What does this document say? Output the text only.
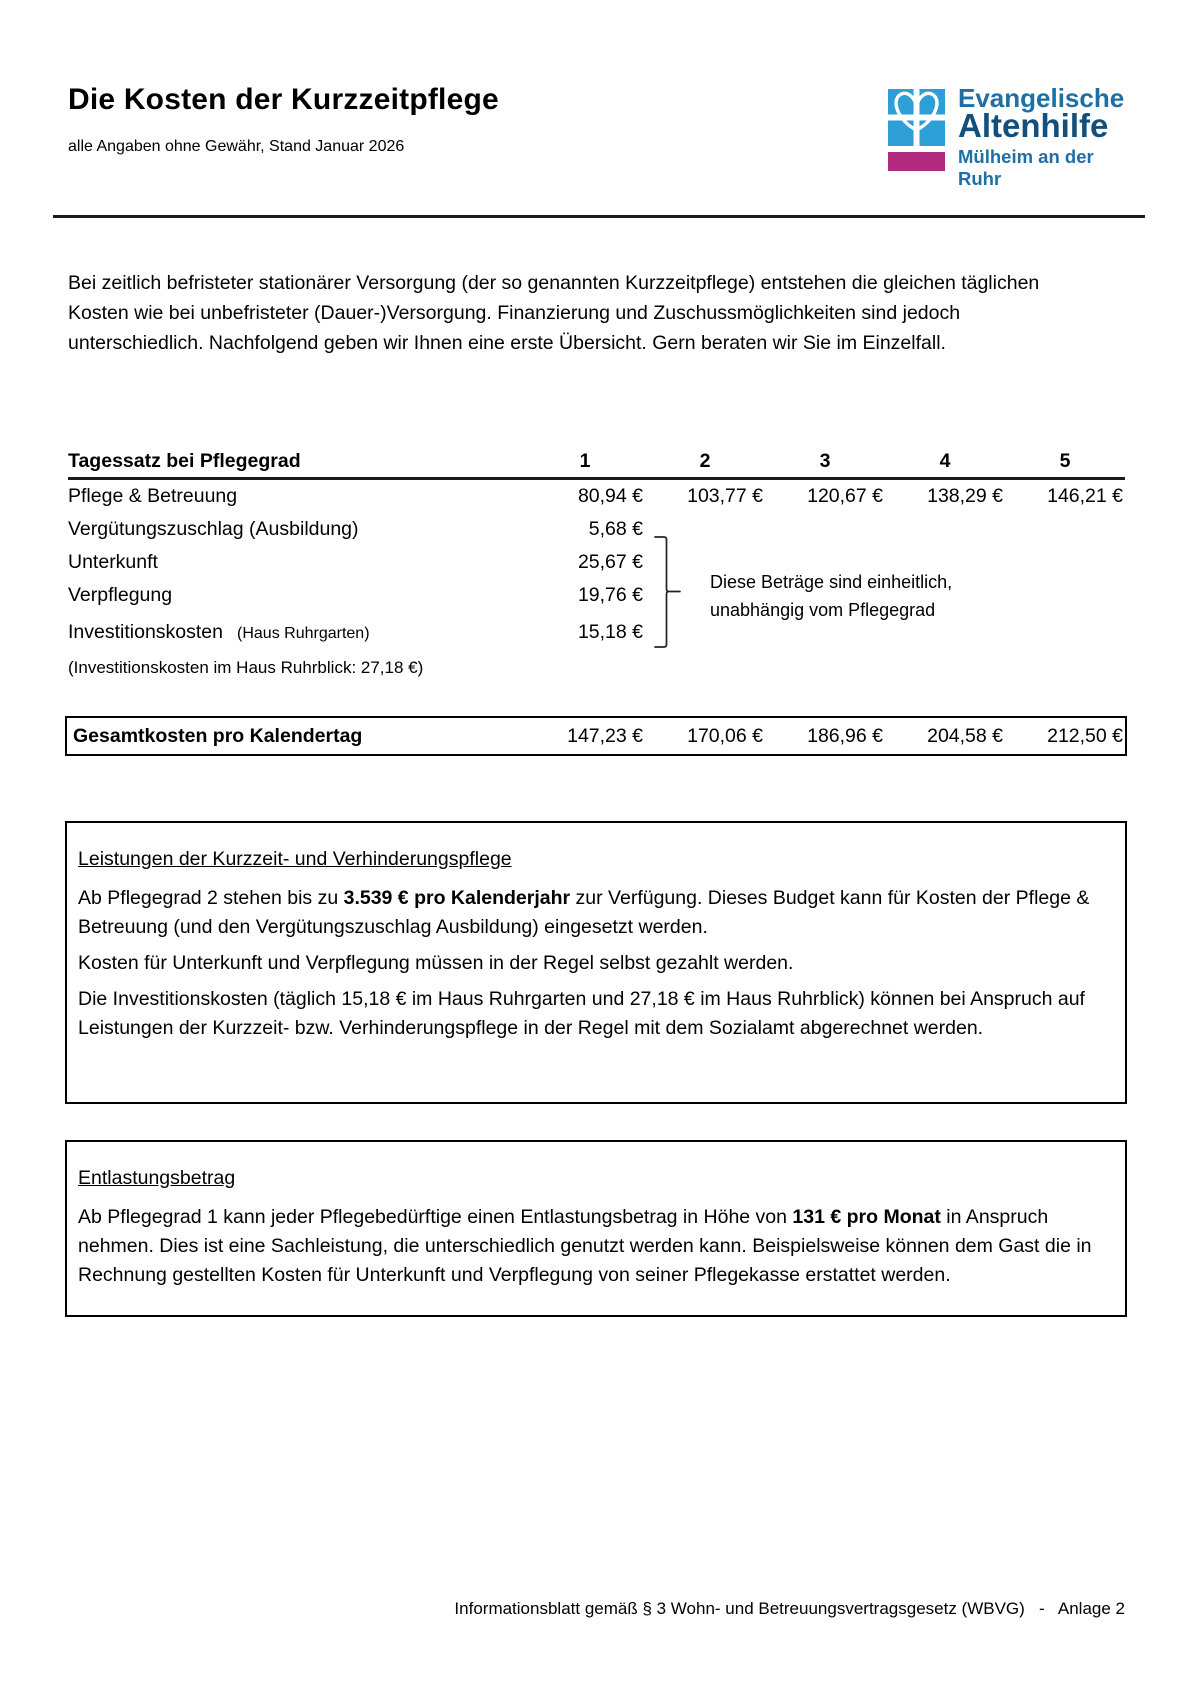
Die Kosten der Kurzzeitpflege
alle Angaben ohne Gewähr, Stand Januar 2026
Evangelische
Altenhilfe
Mülheim an der Ruhr
Bei zeitlich befristeter stationärer Versorgung (der so genannten Kurzzeitpflege) entstehen die gleichen täglichen Kosten wie bei unbefristeter (Dauer-)Versorgung. Finanzierung und Zuschussmöglichkeiten sind jedoch unterschiedlich. Nachfolgend geben wir Ihnen eine erste Übersicht. Gern beraten wir Sie im Einzelfall.
Tagessatz bei Pflegegrad	1	2	3	4	5
Pflege & Betreuung	80,94 €	103,77 €	120,67 €	138,29 €	146,21 €
Vergütungszuschlag (Ausbildung)	5,68 €
Unterkunft	25,67 €
Verpflegung	19,76 €
Investitionskosten (Haus Ruhrgarten)	15,18 €
Diese Beträge sind einheitlich,
unabhängig vom Pflegegrad
(Investitionskosten im Haus Ruhrblick: 27,18 €)
Gesamtkosten pro Kalendertag	147,23 €	170,06 €	186,96 €	204,58 €	212,50 €
Leistungen der Kurzzeit- und Verhinderungspflege
Ab Pflegegrad 2 stehen bis zu 3.539 € pro Kalenderjahr zur Verfügung. Dieses Budget kann für Kosten der Pflege & Betreuung (und den Vergütungszuschlag Ausbildung) eingesetzt werden.
Kosten für Unterkunft und Verpflegung müssen in der Regel selbst gezahlt werden.
Die Investitionskosten (täglich 15,18 € im Haus Ruhrgarten und 27,18 € im Haus Ruhrblick) können bei Anspruch auf Leistungen der Kurzzeit- bzw. Verhinderungspflege in der Regel mit dem Sozialamt abgerechnet werden.
Entlastungsbetrag
Ab Pflegegrad 1 kann jeder Pflegebedürftige einen Entlastungsbetrag in Höhe von 131 € pro Monat in Anspruch nehmen. Dies ist eine Sachleistung, die unterschiedlich genutzt werden kann. Beispielsweise können dem Gast die in Rechnung gestellten Kosten für Unterkunft und Verpflegung von seiner Pflegekasse erstattet werden.
Informationsblatt gemäß § 3 Wohn- und Betreuungsvertragsgesetz (WBVG)   -   Anlage 2
